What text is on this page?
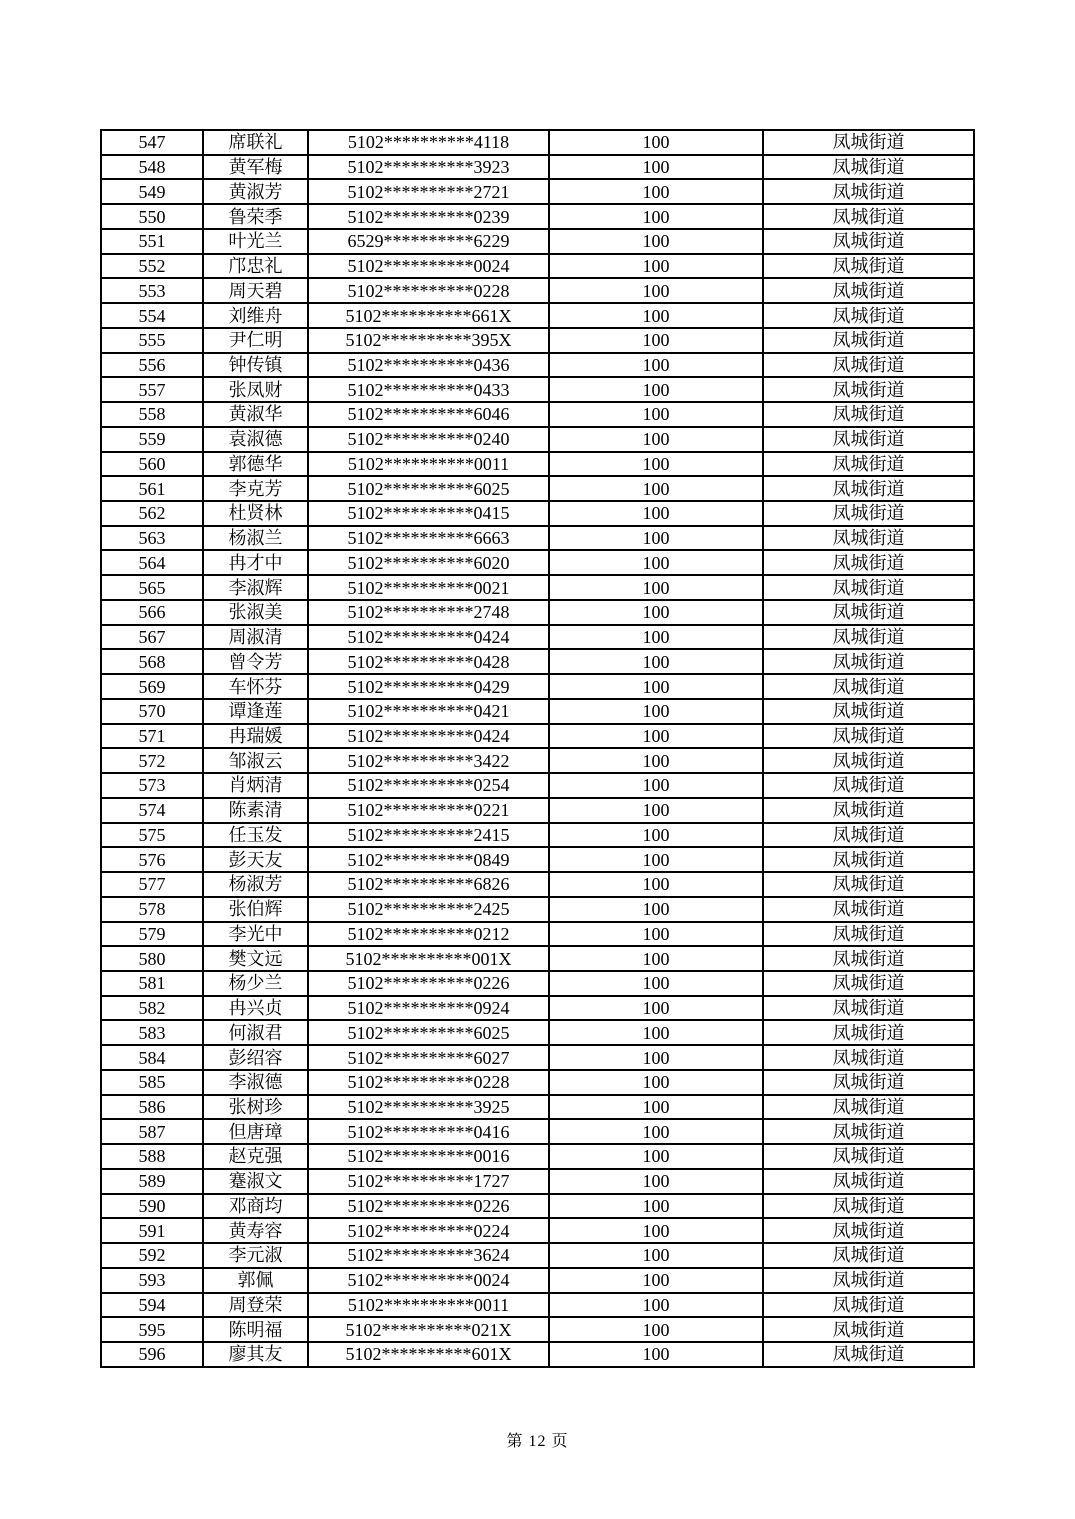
547	席联礼	5102**********4118	100	凤城街道
548	黄军梅	5102**********3923	100	凤城街道
549	黄淑芳	5102**********2721	100	凤城街道
550	鲁荣季	5102**********0239	100	凤城街道
551	叶光兰	6529**********6229	100	凤城街道
552	邝忠礼	5102**********0024	100	凤城街道
553	周天碧	5102**********0228	100	凤城街道
554	刘维舟	5102**********661X	100	凤城街道
555	尹仁明	5102**********395X	100	凤城街道
556	钟传镇	5102**********0436	100	凤城街道
557	张凤财	5102**********0433	100	凤城街道
558	黄淑华	5102**********6046	100	凤城街道
559	袁淑德	5102**********0240	100	凤城街道
560	郭德华	5102**********0011	100	凤城街道
561	李克芳	5102**********6025	100	凤城街道
562	杜贤林	5102**********0415	100	凤城街道
563	杨淑兰	5102**********6663	100	凤城街道
564	冉才中	5102**********6020	100	凤城街道
565	李淑辉	5102**********0021	100	凤城街道
566	张淑美	5102**********2748	100	凤城街道
567	周淑清	5102**********0424	100	凤城街道
568	曾令芳	5102**********0428	100	凤城街道
569	车怀芬	5102**********0429	100	凤城街道
570	谭逢莲	5102**********0421	100	凤城街道
571	冉瑞媛	5102**********0424	100	凤城街道
572	邹淑云	5102**********3422	100	凤城街道
573	肖炳清	5102**********0254	100	凤城街道
574	陈素清	5102**********0221	100	凤城街道
575	任玉发	5102**********2415	100	凤城街道
576	彭天友	5102**********0849	100	凤城街道
577	杨淑芳	5102**********6826	100	凤城街道
578	张伯辉	5102**********2425	100	凤城街道
579	李光中	5102**********0212	100	凤城街道
580	樊文远	5102**********001X	100	凤城街道
581	杨少兰	5102**********0226	100	凤城街道
582	冉兴贞	5102**********0924	100	凤城街道
583	何淑君	5102**********6025	100	凤城街道
584	彭绍容	5102**********6027	100	凤城街道
585	李淑德	5102**********0228	100	凤城街道
586	张树珍	5102**********3925	100	凤城街道
587	但唐璋	5102**********0416	100	凤城街道
588	赵克强	5102**********0016	100	凤城街道
589	蹇淑文	5102**********1727	100	凤城街道
590	邓商均	5102**********0226	100	凤城街道
591	黄寿容	5102**********0224	100	凤城街道
592	李元淑	5102**********3624	100	凤城街道
593	郭佩	5102**********0024	100	凤城街道
594	周登荣	5102**********0011	100	凤城街道
595	陈明福	5102**********021X	100	凤城街道
596	廖其友	5102**********601X	100	凤城街道
第 12 页
